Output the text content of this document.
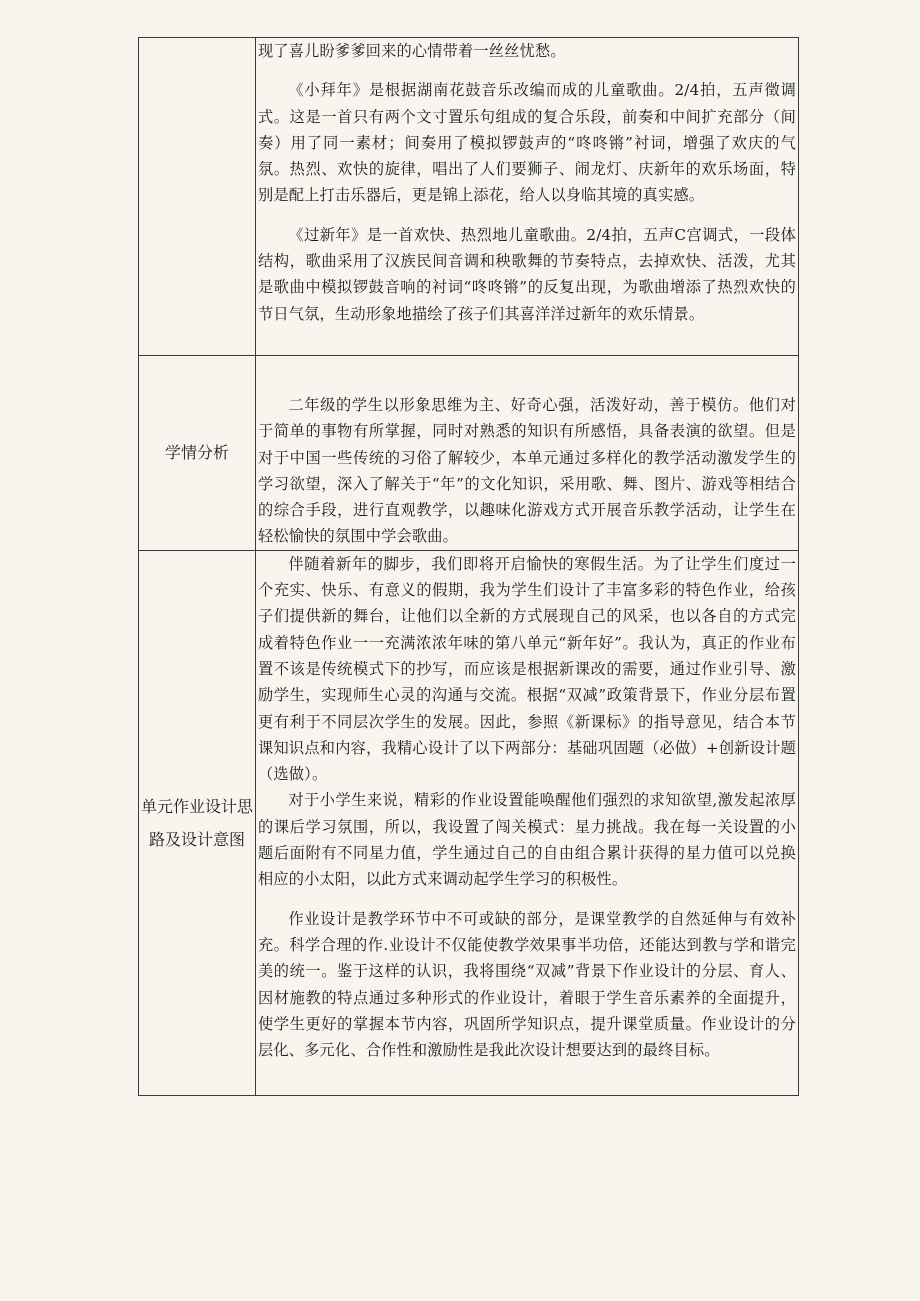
	现了喜儿盼爹爹回来的心情带着一丝丝忧愁。

《小拜年》是根据湖南花鼓音乐改编而成的儿童歌曲。2/4拍，五声徵调式。这是一首只有两个文寸置乐句组成的复合乐段，前奏和中间扩充部分（间奏）用了同一素材；间奏用了模拟锣鼓声的“咚咚锵”衬词，增强了欢庆的气氛。热烈、欢快的旋律，唱出了人们要狮子、闹龙灯、庆新年的欢乐场面，特别是配上打击乐器后，更是锦上添花，给人以身临其境的真实感。

《过新年》是一首欢快、热烈地儿童歌曲。2/4拍，五声C宫调式，一段体结构，歌曲采用了汉族民间音调和秧歌舞的节奏特点，去掉欢快、活泼，尤其是歌曲中模拟锣鼓音响的衬词“咚咚锵”的反复出现，为歌曲增添了热烈欢快的节日气氛，生动形象地描绘了孩子们其喜洋洋过新年的欢乐情景。

学情分析	二年级的学生以形象思维为主、好奇心强，活泼好动，善于模仿。他们对于简单的事物有所掌握，同时对熟悉的知识有所感悟，具备表演的欲望。但是对于中国一些传统的习俗了解较少，本单元通过多样化的教学活动激发学生的学习欲望，深入了解关于“年”的文化知识，采用歌、舞、图片、游戏等相结合的综合手段，进行直观教学，以趣味化游戏方式开展音乐教学活动，让学生在轻松愉快的氛围中学会歌曲。

单元作业设计思路及设计意图	伴随着新年的脚步，我们即将开启愉快的寒假生活。为了让学生们度过一个充实、快乐、有意义的假期，我为学生们设计了丰富多彩的特色作业，给孩子们提供新的舞台，让他们以全新的方式展现自己的风采，也以各自的方式完成着特色作业一一充满浓浓年味的第八单元“新年好”。我认为，真正的作业布置不该是传统模式下的抄写，而应该是根据新课改的需要，通过作业引导、激励学生，实现师生心灵的沟通与交流。根据“双减”政策背景下，作业分层布置更有利于不同层次学生的发展。因此，参照《新课标》的指导意见，结合本节课知识点和内容，我精心设计了以下两部分：基础巩固题（必做）+创新设计题（选做）。

对于小学生来说，精彩的作业设置能唤醒他们强烈的求知欲望,激发起浓厚的课后学习氛围，所以，我设置了闯关模式：星力挑战。我在每一关设置的小题后面附有不同星力值，学生通过自己的自由组合累计获得的星力值可以兑换相应的小太阳，以此方式来调动起学生学习的积极性。

作业设计是教学环节中不可或缺的部分，是课堂教学的自然延伸与有效补充。科学合理的作.业设计不仅能使教学效果事半功倍，还能达到教与学和谐完美的统一。鉴于这样的认识，我将围绕“双减”背景下作业设计的分层、育人、因材施教的特点通过多种形式的作业设计，着眼于学生音乐素养的全面提升，使学生更好的掌握本节内容，巩固所学知识点，提升课堂质量。作业设计的分层化、多元化、合作性和激励性是我此次设计想要达到的最终目标。
